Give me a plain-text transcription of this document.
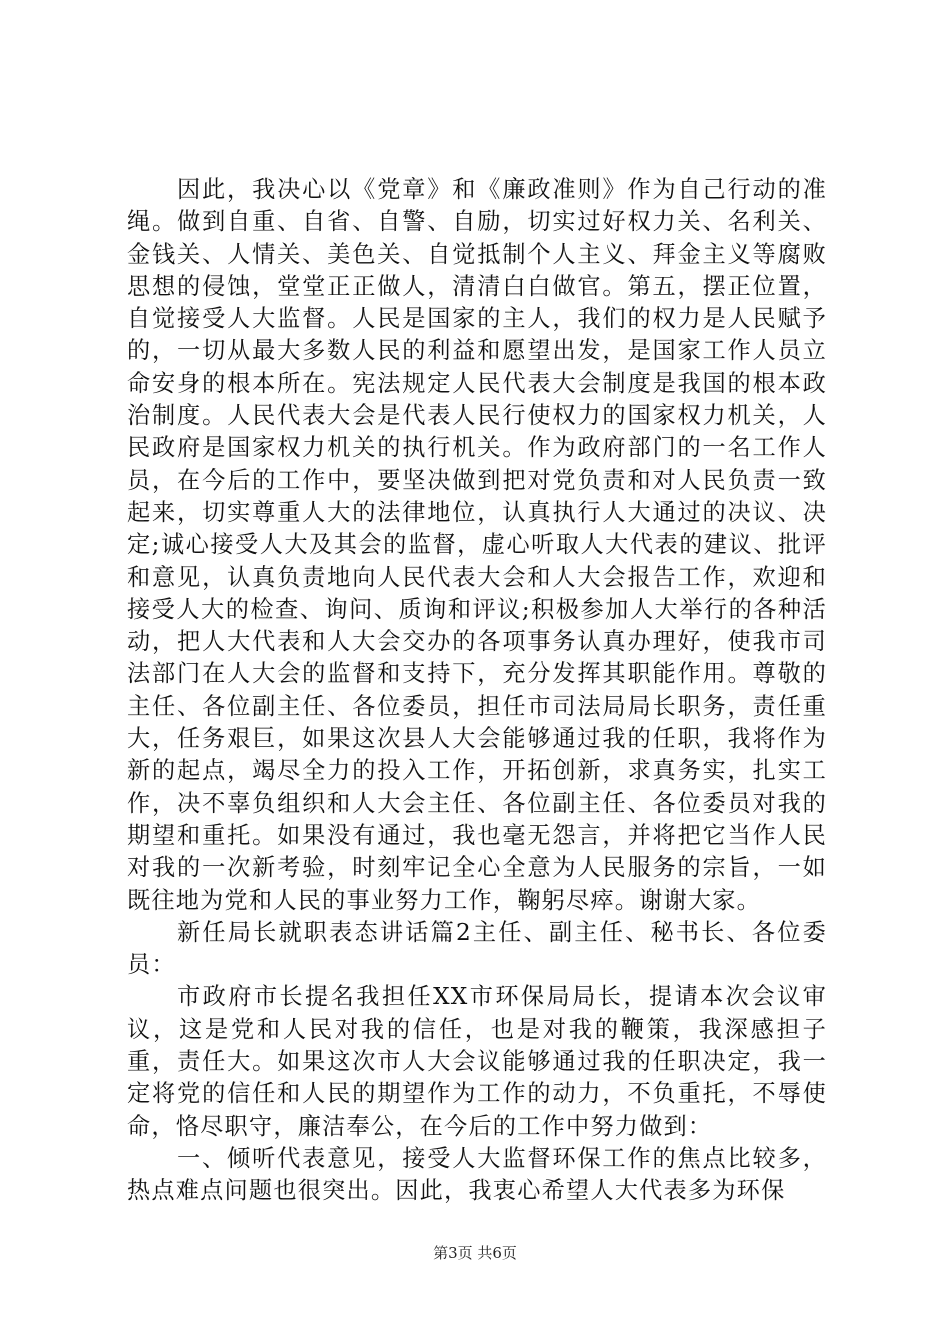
因此，我决心以《党章》和《廉政准则》作为自己行动的准绳。做到自重、自省、自警、自励，切实过好权力关、名利关、金钱关、人情关、美色关、自觉抵制个人主义、拜金主义等腐败思想的侵蚀，堂堂正正做人，清清白白做官。第五，摆正位置，自觉接受人大监督。人民是国家的主人，我们的权力是人民赋予的，一切从最大多数人民的利益和愿望出发，是国家工作人员立命安身的根本所在。宪法规定人民代表大会制度是我国的根本政治制度。人民代表大会是代表人民行使权力的国家权力机关，人民政府是国家权力机关的执行机关。作为政府部门的一名工作人员，在今后的工作中，要坚决做到把对党负责和对人民负责一致起来，切实尊重人大的法律地位，认真执行人大通过的决议、决定;诚心接受人大及其会的监督，虚心听取人大代表的建议、批评和意见，认真负责地向人民代表大会和人大会报告工作，欢迎和接受人大的检查、询问、质询和评议;积极参加人大举行的各种活动，把人大代表和人大会交办的各项事务认真办理好，使我市司法部门在人大会的监督和支持下，充分发挥其职能作用。尊敬的主任、各位副主任、各位委员，担任市司法局局长职务，责任重大，任务艰巨，如果这次县人大会能够通过我的任职，我将作为新的起点，竭尽全力的投入工作，开拓创新，求真务实，扎实工作，决不辜负组织和人大会主任、各位副主任、各位委员对我的期望和重托。如果没有通过，我也毫无怨言，并将把它当作人民对我的一次新考验，时刻牢记全心全意为人民服务的宗旨，一如既往地为党和人民的事业努力工作，鞠躬尽瘁。谢谢大家。

新任局长就职表态讲话篇2主任、副主任、秘书长、各位委员：

市政府市长提名我担任XX市环保局局长，提请本次会议审议，这是党和人民对我的信任，也是对我的鞭策，我深感担子重，责任大。如果这次市人大会议能够通过我的任职决定，我一定将党的信任和人民的期望作为工作的动力，不负重托，不辱使命，恪尽职守，廉洁奉公，在今后的工作中努力做到：

一、倾听代表意见，接受人大监督环保工作的焦点比较多，热点难点问题也很突出。因此，我衷心希望人大代表多为环保

第3页 共6页
